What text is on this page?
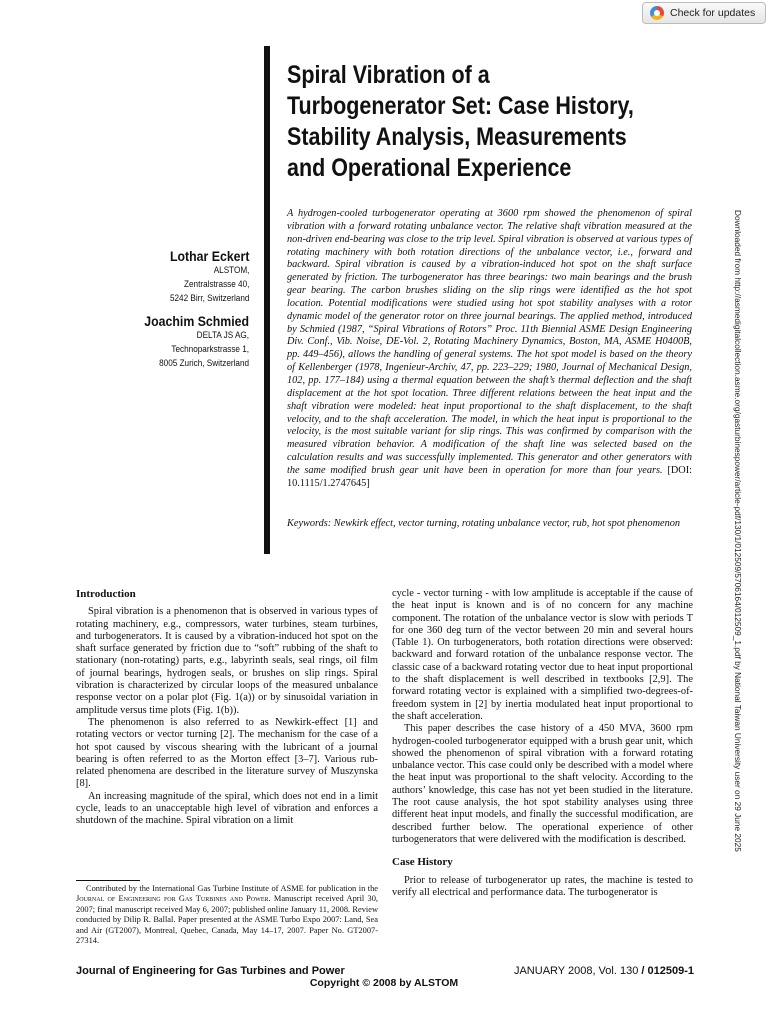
Check for updates
Spiral Vibration of a
Turbogenerator Set: Case History,
Stability Analysis, Measurements
and Operational Experience
Lothar Eckert
ALSTOM,
Zentralstrasse 40,
5242 Birr, Switzerland
Joachim Schmied
DELTA JS AG,
Technoparkstrasse 1,
8005 Zurich, Switzerland
A hydrogen-cooled turbogenerator operating at 3600 rpm showed the phenomenon of spiral vibration with a forward rotating unbalance vector. The relative shaft vibration measured at the non-driven end-bearing was close to the trip level. Spiral vibration is observed at various types of rotating machinery with both rotation directions of the unbalance vector, i.e., forward and backward. Spiral vibration is caused by a vibration-induced hot spot on the shaft surface generated by friction. The turbogenerator has three bearings: two main bearings and the brush gear bearing. The carbon brushes sliding on the slip rings were identified as the hot spot location. Potential modifications were studied using hot spot stability analyses with a rotor dynamic model of the generator rotor on three journal bearings. The applied method, introduced by Schmied (1987, “Spiral Vibrations of Rotors” Proc. 11th Biennial ASME Design Engineering Div. Conf., Vib. Noise, DE-Vol. 2, Rotating Machinery Dynamics, Boston, MA, ASME H0400B, pp. 449–456), allows the handling of general systems. The hot spot model is based on the theory of Kellenberger (1978, Ingenieur-Archiv, 47, pp. 223–229; 1980, Journal of Mechanical Design, 102, pp. 177–184) using a thermal equation between the shaft’s thermal deflection and the shaft displacement at the hot spot location. Three different relations between the heat input and the shaft vibration were modeled: heat input proportional to the shaft displacement, to the shaft velocity, and to the shaft acceleration. The model, in which the heat input is proportional to the velocity, is the most suitable variant for slip rings. This was confirmed by comparison with the measured vibration behavior. A modification of the shaft line was selected based on the calculation results and was successfully implemented. This generator and other generators with the same modified brush gear unit have been in operation for more than four years. [DOI: 10.1115/1.2747645]
Keywords: Newkirk effect, vector turning, rotating unbalance vector, rub, hot spot phenomenon	Downloaded from http://asmedigitalcollection.asme.org/gasturbinespower/article-pdf/130/1/012509/5706164/012509_1.pdf by National Taiwan University user on 29 June 2025
Introduction

Spiral vibration is a phenomenon that is observed in various types of rotating machinery, e.g., compressors, water turbines, steam turbines, and turbogenerators. It is caused by a vibration-induced hot spot on the shaft surface generated by friction due to “soft” rubbing of the shaft to stationary (non-rotating) parts, e.g., labyrinth seals, seal rings, oil film of journal bearings, hydrogen seals, or brushes on slip rings. Spiral vibration is characterized by circular loops of the measured unbalance response vector on a polar plot (Fig. 1(a)) or by sinusoidal variation in amplitude versus time plots (Fig. 1(b)).

The phenomenon is also referred to as Newkirk-effect [1] and rotating vectors or vector turning [2]. The mechanism for the case of a hot spot caused by viscous shearing with the lubricant of a journal bearing is often referred to as the Morton effect [3–7]. Various rub-related phenomena are described in the literature survey of Muszynska [8].

An increasing magnitude of the spiral, which does not end in a limit cycle, leads to an unacceptable high level of vibration and enforces a shutdown of the machine. Spiral vibration on a limit

cycle - vector turning - with low amplitude is acceptable if the cause of the heat input is known and is of no concern for any machine component. The rotation of the unbalance vector is slow with periods T for one 360 deg turn of the vector between 20 min and several hours (Table 1). On turbogenerators, both rotation directions were observed: backward and forward rotation of the unbalance response vector. The classic case of a backward rotating vector due to heat input proportional to the shaft displacement is well described in textbooks [2,9]. The forward rotating vector is explained with a simplified two-degrees-of-freedom system in [2] by inertia modulated heat input proportional to the shaft acceleration.

This paper describes the case history of a 450 MVA, 3600 rpm hydrogen-cooled turbogenerator equipped with a brush gear unit, which showed the phenomenon of spiral vibration with a forward rotating unbalance vector. This case could only be described with a model where the heat input was proportional to the shaft velocity. According to the authors’ knowledge, this case has not yet been studied in the literature. The root cause analysis, the hot spot stability analyses using three different heat input models, and finally the successful modification, are described further below. The operational experience of other turbogenerators that were delivered with the modification is described.

Case History

Prior to release of turbogenerator up rates, the machine is tested to verify all electrical and performance data. The turbogenerator is

Contributed by the International Gas Turbine Institute of ASME for publication in the Journal of Engineering for Gas Turbines and Power. Manuscript received April 30, 2007; final manuscript received May 6, 2007; published online January 11, 2008. Review conducted by Dilip R. Ballal. Paper presented at the ASME Turbo Expo 2007: Land, Sea and Air (GT2007), Montreal, Quebec, Canada, May 14–17, 2007. Paper No. GT2007-27314.
Journal of Engineering for Gas Turbines and Power	JANUARY 2008, Vol. 130 / 012509-1
Copyright © 2008 by ALSTOM
